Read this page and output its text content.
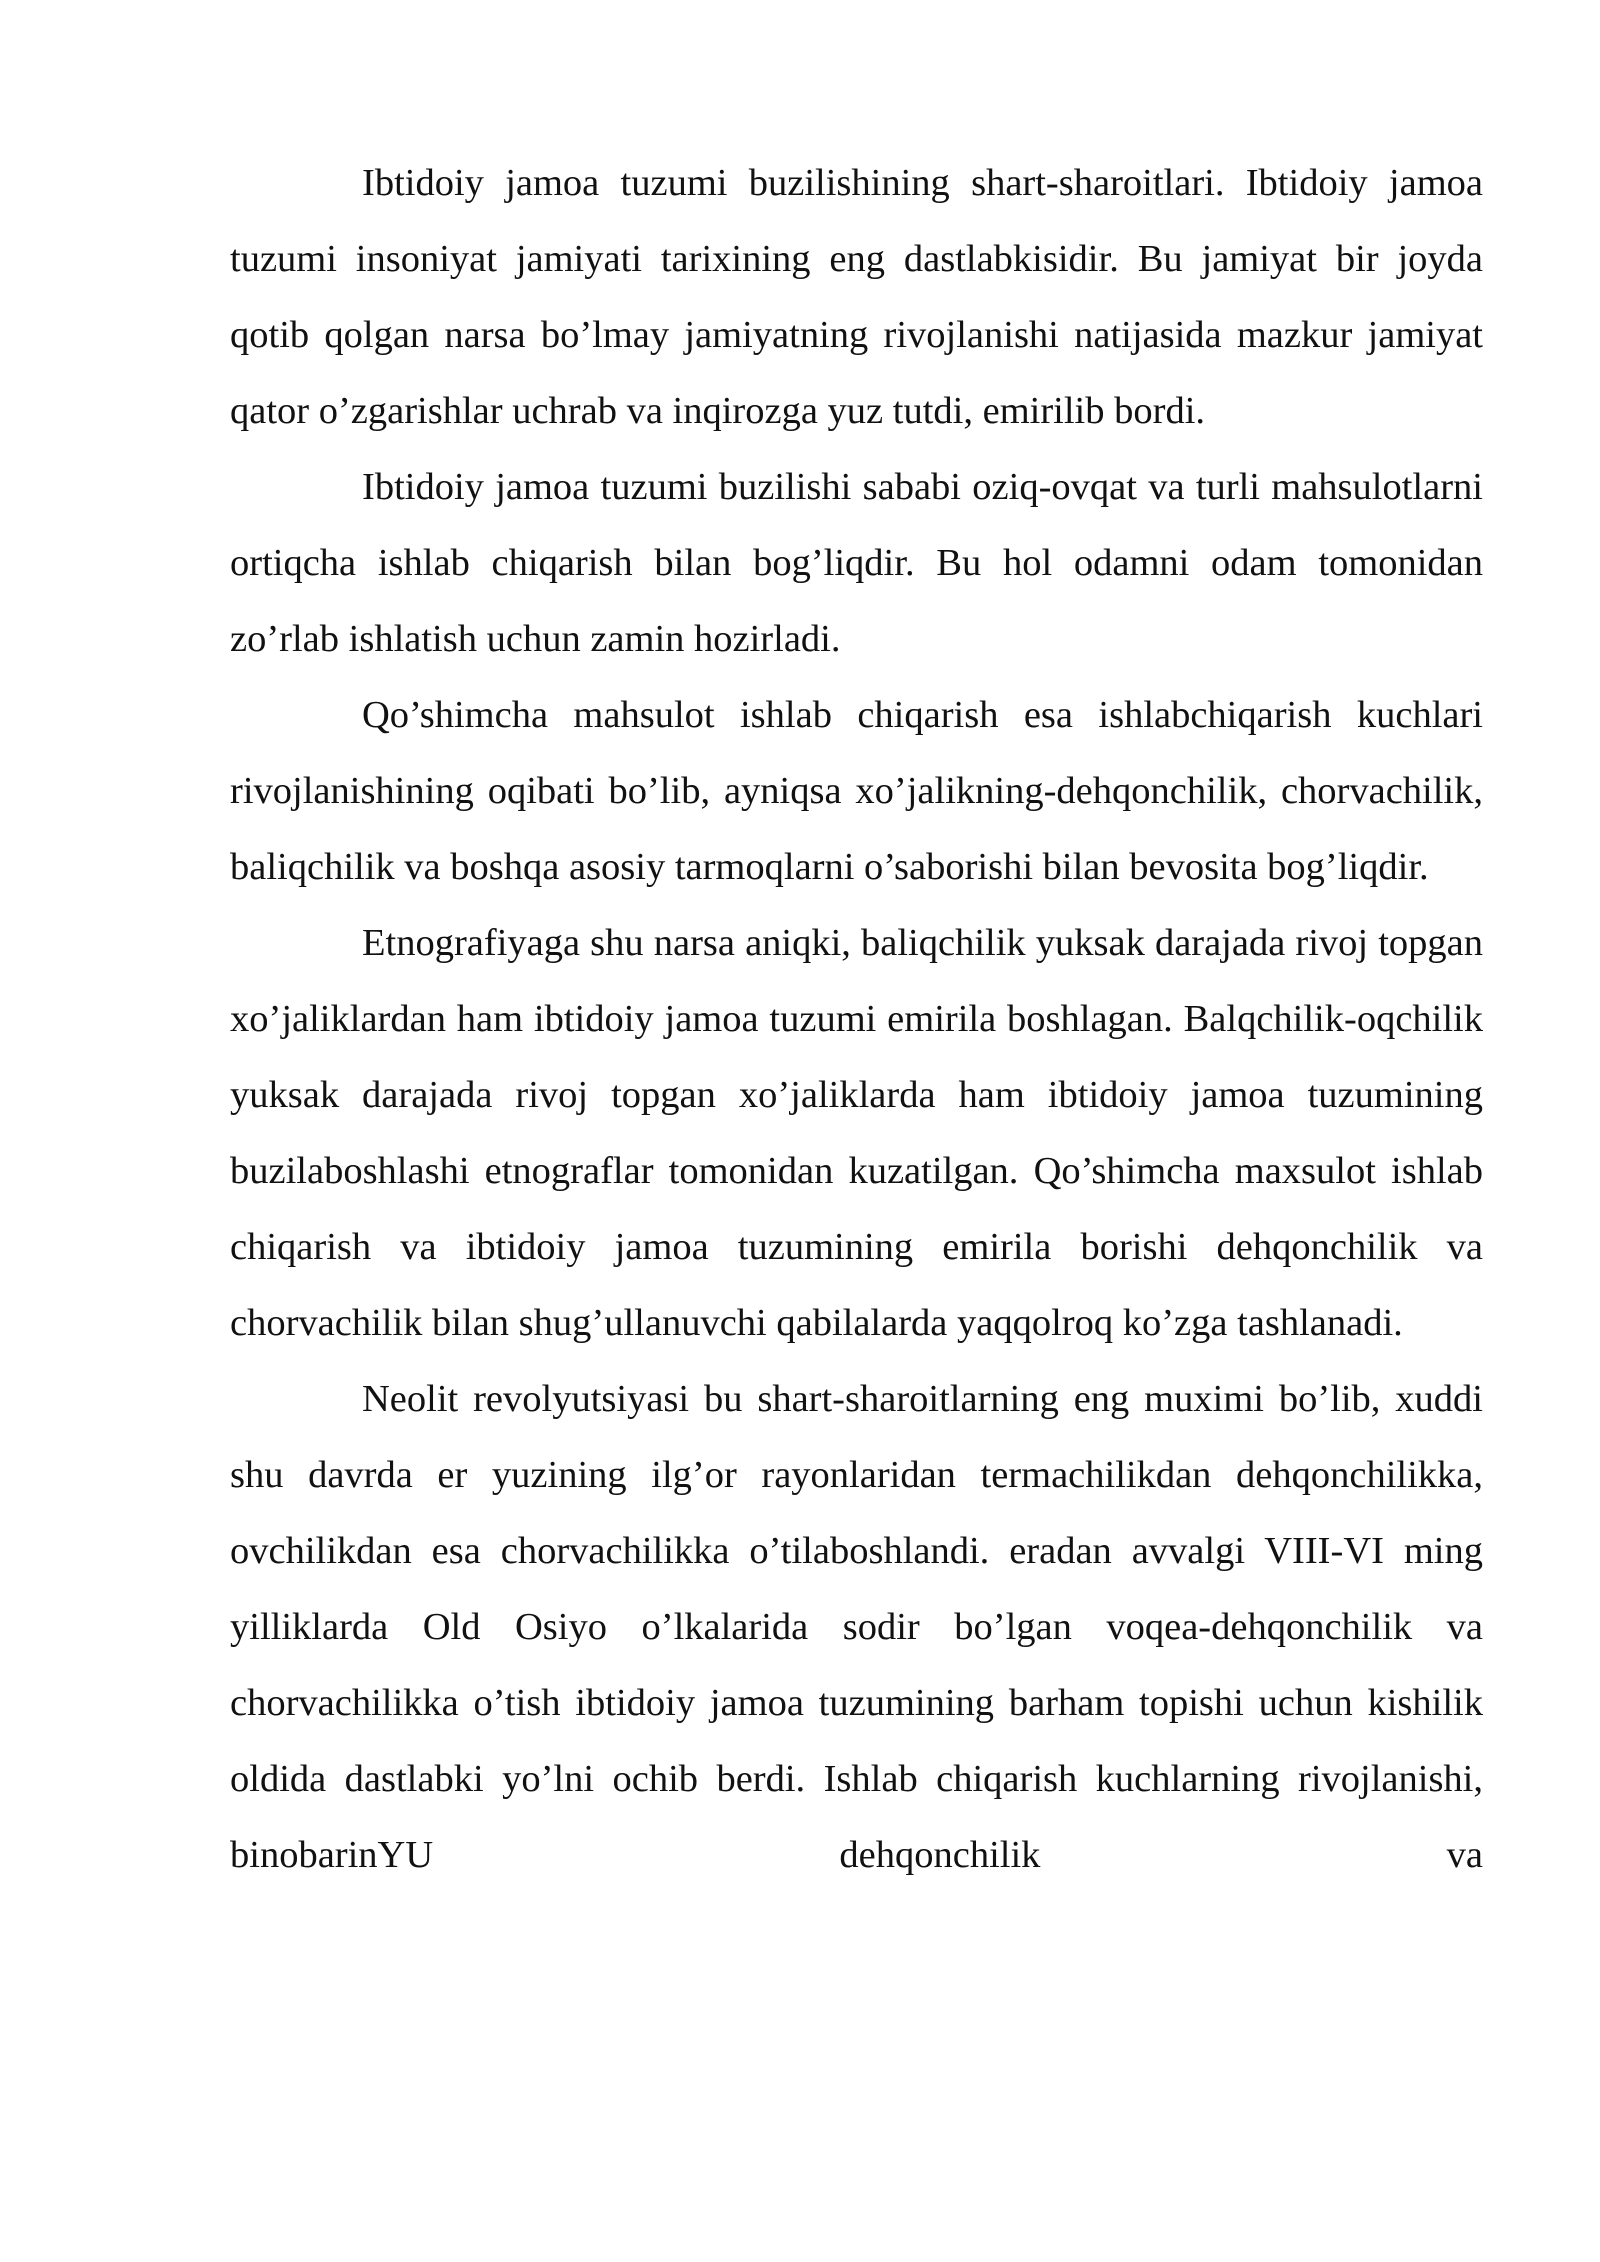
Ibtidoiy jamoa tuzumi buzilishining shart-sharoitlari. Ibtidoiy jamoa tuzumi insoniyat jamiyati tarixining eng dastlabkisidir. Bu jamiyat bir joyda qotib qolgan narsa bo’lmay jamiyatning rivojlanishi natijasida mazkur jamiyat qator o’zgarishlar uchrab va inqirozga yuz tutdi, emirilib bordi.

Ibtidoiy jamoa tuzumi buzilishi sababi oziq-ovqat va turli mahsulotlarni ortiqcha ishlab chiqarish bilan bog’liqdir. Bu hol odamni odam tomonidan zo’rlab ishlatish uchun zamin hozirladi.

Qo’shimcha mahsulot ishlab chiqarish esa ishlabchiqarish kuchlari rivojlanishining oqibati bo’lib, ayniqsa xo’jalikning-dehqonchilik, chorvachilik, baliqchilik va boshqa asosiy tarmoqlarni o’saborishi bilan bevosita bog’liqdir.

Etnografiyaga shu narsa aniqki, baliqchilik yuksak darajada rivoj topgan xo’jaliklardan ham ibtidoiy jamoa tuzumi emirila boshlagan. Balqchilik-oqchilik yuksak darajada rivoj topgan xo’jaliklarda ham ibtidoiy jamoa tuzumining buzilaboshlashi etnograflar tomonidan kuzatilgan. Qo’shimcha maxsulot ishlab chiqarish va ibtidoiy jamoa tuzumining emirila borishi dehqonchilik va chorvachilik bilan shug’ullanuvchi qabilalarda yaqqolroq ko’zga tashlanadi.

Neolit revolyutsiyasi bu shart-sharoitlarning eng muximi bo’lib, xuddi shu davrda er yuzining ilg’or rayonlaridan termachilikdan dehqonchilikka, ovchilikdan esa chorvachilikka o’tilaboshlandi. eradan avvalgi VIII-VI ming yilliklarda Old Osiyo o’lkalarida sodir bo’lgan voqea-dehqonchilik va chorvachilikka o’tish ibtidoiy jamoa tuzumining barham topishi uchun kishilik oldida dastlabki yo’lni ochib berdi. Ishlab chiqarish kuchlarning rivojlanishi, binobarinYU dehqonchilik va
